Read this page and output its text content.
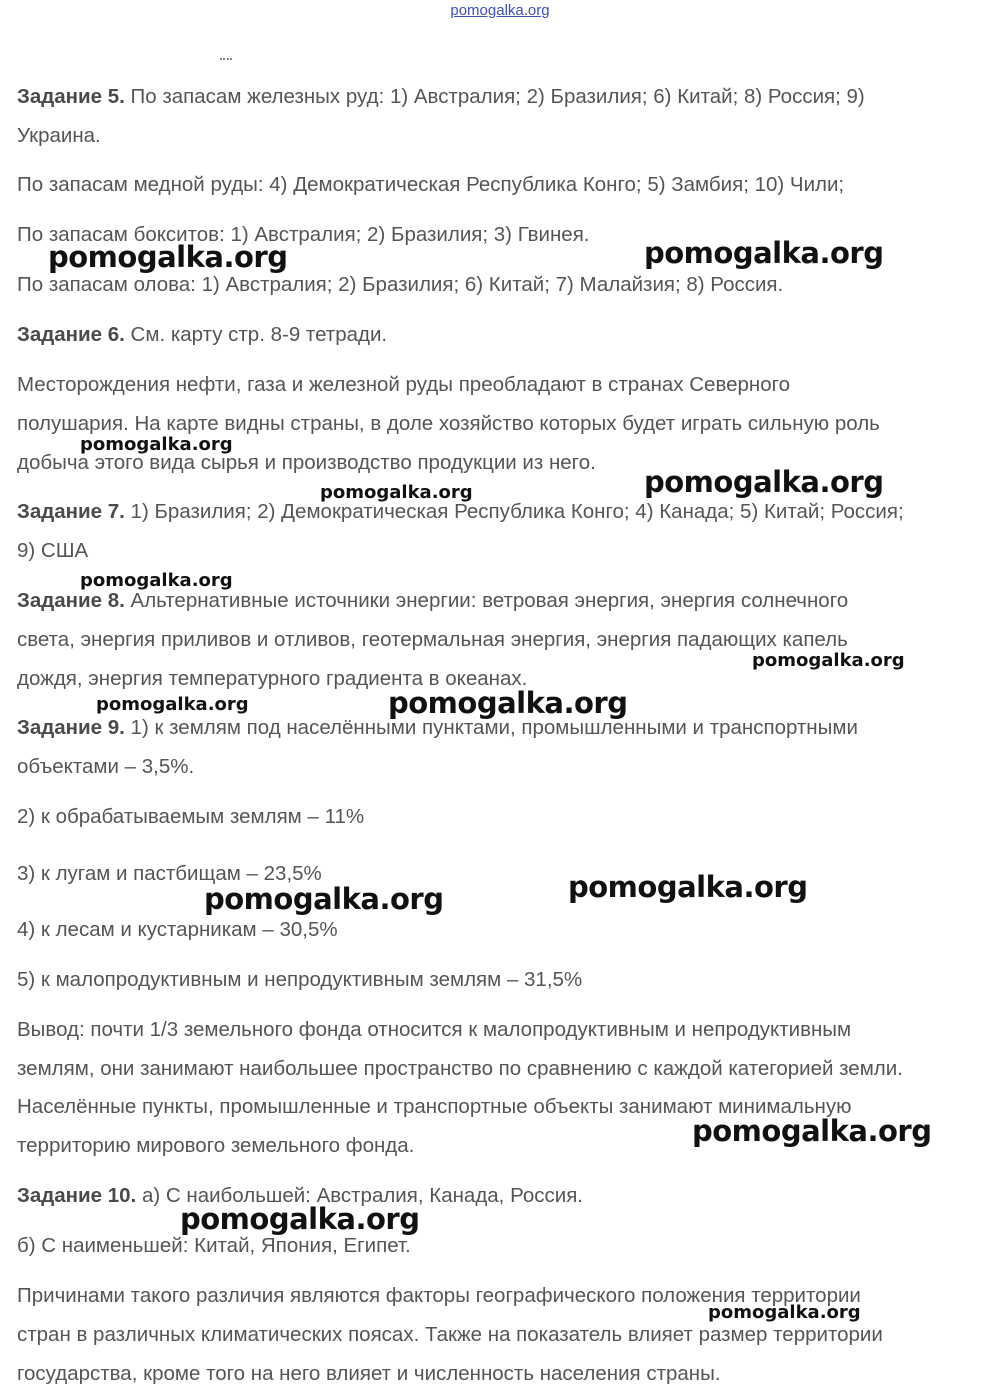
pomogalka.org
Задание 5. По запасам железных руд: 1) Австралия; 2) Бразилия; 6) Китай; 8) Россия; 9)
Украина.
По запасам медной руды: 4) Демократическая Республика Конго; 5) Замбия; 10) Чили;
По запасам бокситов: 1) Австралия; 2) Бразилия; 3) Гвинея.
По запасам олова: 1) Австралия; 2) Бразилия; 6) Китай; 7) Малайзия; 8) Россия.
Задание 6. См. карту стр. 8-9 тетради.
Месторождения нефти, газа и железной руды преобладают в странах Северного
полушария. На карте видны страны, в доле хозяйство которых будет играть сильную роль
добыча этого вида сырья и производство продукции из него.
Задание 7. 1) Бразилия; 2) Демократическая Республика Конго; 4) Канада; 5) Китай; Россия;
9) США
Задание 8. Альтернативные источники энергии: ветровая энергия, энергия солнечного
света, энергия приливов и отливов, геотермальная энергия, энергия падающих капель
дождя, энергия температурного градиента в океанах.
Задание 9. 1) к землям под населёнными пунктами, промышленными и транспортными
объектами – 3,5%.
2) к обрабатываемым землям – 11%
3) к лугам и пастбищам – 23,5%
4) к лесам и кустарникам – 30,5%
5) к малопродуктивным и непродуктивным землям – 31,5%
Вывод: почти 1/3 земельного фонда относится к малопродуктивным и непродуктивным
землям, они занимают наибольшее пространство по сравнению с каждой категорией земли.
Населённые пункты, промышленные и транспортные объекты занимают минимальную
территорию мирового земельного фонда.
Задание 10. а) С наибольшей: Австралия, Канада, Россия.
б) С наименьшей: Китай, Япония, Египет.
Причинами такого различия являются факторы географического положения территории
стран в различных климатических поясах. Также на показатель влияет размер территории
государства, кроме того на него влияет и численность населения страны.
pomogalka.org	pomogalka.org
pomogalka.org
pomogalka.org
pomogalka.org
pomogalka.org
pomogalka.org
pomogalka.org
pomogalka.org
pomogalka.org
pomogalka.org
pomogalka.org
pomogalka.org
pomogalka.org
